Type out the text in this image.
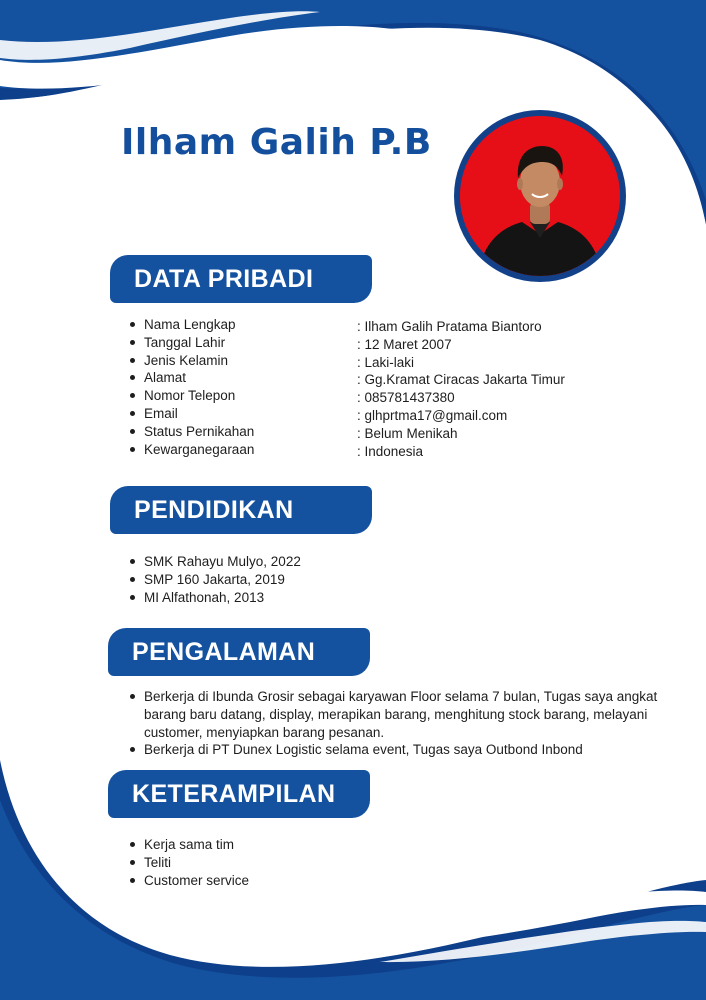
Ilham Galih P.B
DATA PRIBADI
Nama Lengkap
Tanggal Lahir
Jenis Kelamin
Alamat
Nomor Telepon
Email
Status Pernikahan
Kewarganegaraan
: Ilham Galih Pratama Biantoro
: 12 Maret 2007
: Laki-laki
: Gg.Kramat Ciracas Jakarta Timur
: 085781437380
: glhprtma17@gmail.com
: Belum Menikah
: Indonesia
PENDIDIKAN
SMK Rahayu Mulyo, 2022
SMP 160 Jakarta, 2019
MI Alfathonah, 2013
PENGALAMAN
Berkerja di Ibunda Grosir sebagai karyawan Floor selama 7 bulan, Tugas saya angkat barang baru datang, display, merapikan barang, menghitung stock barang, melayani customer, menyiapkan barang pesanan.
Berkerja di PT Dunex Logistic selama event, Tugas saya Outbond Inbond
KETERAMPILAN
Kerja sama tim
Teliti
Customer service
